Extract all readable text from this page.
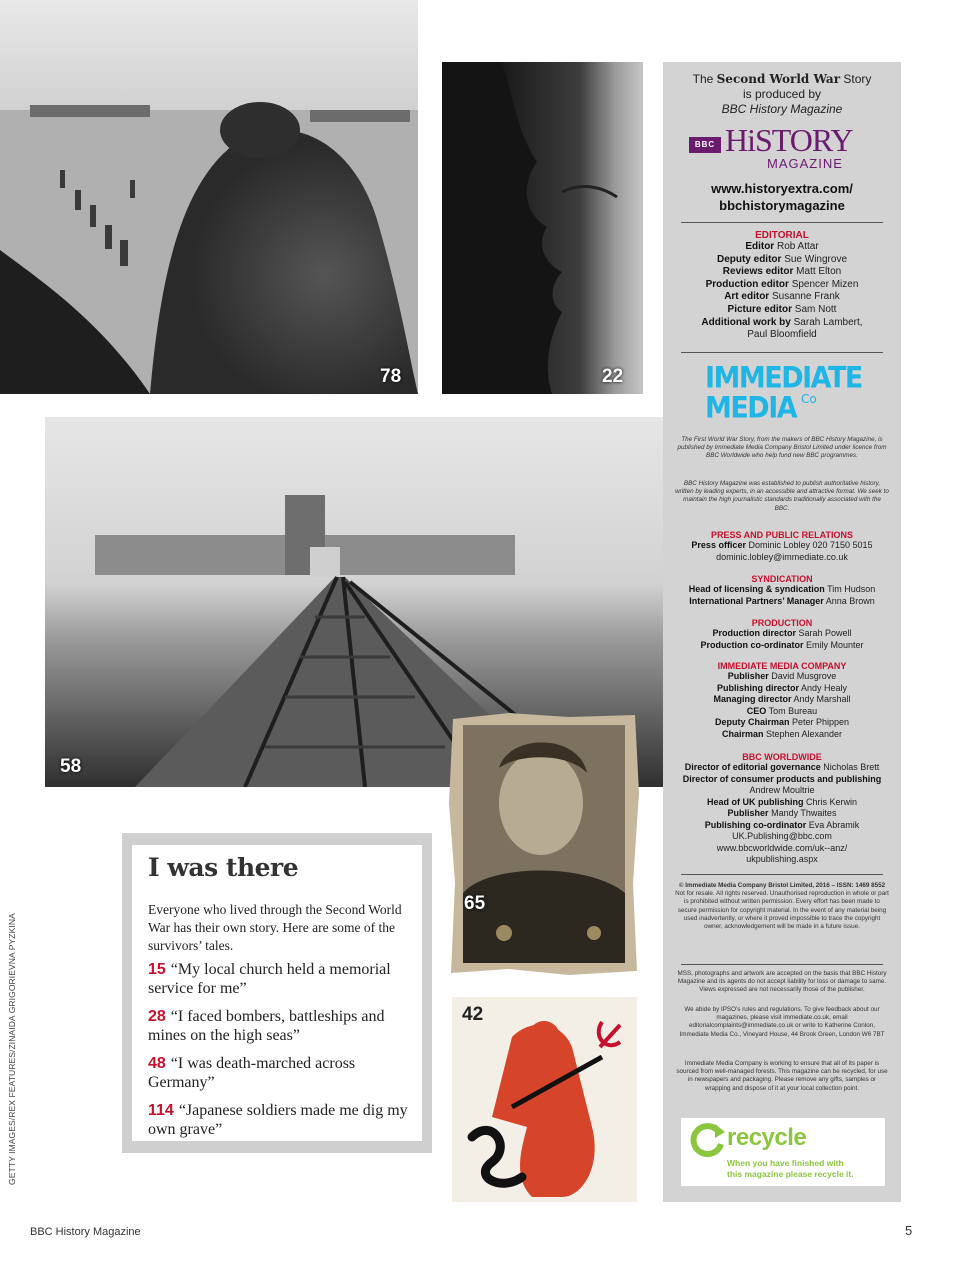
78	22
58
65
42
I was there
Everyone who lived through the Second World War has their own story. Here are some of the survivors’ tales.
15 “My local church held a memorial service for me”
28 “I faced bombers, battleships and mines on the high seas”
48 “I was death-marched across Germany”
114 “Japanese soldiers made me dig my own grave”
The Second World War Story
is produced by
BBC History Magazine
BBC HiSTORY
MAGAZINE
www.historyextra.com/
bbchistorymagazine
EDITORIAL
Editor Rob Attar
Deputy editor Sue Wingrove
Reviews editor Matt Elton
Production editor Spencer Mizen
Art editor Susanne Frank
Picture editor Sam Nott
Additional work by Sarah Lambert,
Paul Bloomfield
IMMEDIATE
MEDIA Co
The First World War Story, from the makers of BBC History Magazine, is published by Immediate Media Company Bristol Limited under licence from BBC Worldwide who help fund new BBC programmes.
BBC History Magazine was established to publish authoritative history, written by leading experts, in an accessible and attractive format. We seek to maintain the high journalistic standards traditionally associated with the BBC.
PRESS AND PUBLIC RELATIONS
Press officer Dominic Lobley 020 7150 5015
dominic.lobley@immediate.co.uk
SYNDICATION
Head of licensing & syndication Tim Hudson
International Partners’ Manager Anna Brown
PRODUCTION
Production director Sarah Powell
Production co-ordinator Emily Mounter
IMMEDIATE MEDIA COMPANY
Publisher David Musgrove
Publishing director Andy Healy
Managing director Andy Marshall
CEO Tom Bureau
Deputy Chairman Peter Phippen
Chairman Stephen Alexander
BBC WORLDWIDE
Director of editorial governance Nicholas Brett
Director of consumer products and publishing
Andrew Moultrie
Head of UK publishing Chris Kerwin
Publisher Mandy Thwaites
Publishing co-ordinator Eva Abramik
UK.Publishing@bbc.com
www.bbcworldwide.com/uk--anz/
ukpublishing.aspx
© Immediate Media Company Bristol Limited, 2016 – ISSN: 1469 8552 Not for resale. All rights reserved. Unauthorised reproduction in whole or part is prohibited without written permission. Every effort has been made to secure permission for copyright material. In the event of any material being used inadvertently, or where it proved impossible to trace the copyright owner, acknowledgement will be made in a future issue.
MSS, photographs and artwork are accepted on the basis that BBC History Magazine and its agents do not accept liability for loss or damage to same. Views expressed are not necessarily those of the publisher.
We abide by IPSO’s rules and regulations. To give feedback about our magazines, please visit immediate.co.uk, email editorialcomplaints@immediate.co.uk or write to Katherine Conlon, Immediate Media Co., Vineyard House, 44 Brook Green, London W6 7BT
Immediate Media Company is working to ensure that all of its paper is sourced from well-managed forests. This magazine can be recycled, for use in newspapers and packaging. Please remove any gifts, samples or wrapping and dispose of it at your local collection point.
recycle
When you have finished with
this magazine please recycle it.
GETTY IMAGES/REX FEATURES/ZINAIDA GRIGORIEVNA PYZKINA
BBC History Magazine	5
